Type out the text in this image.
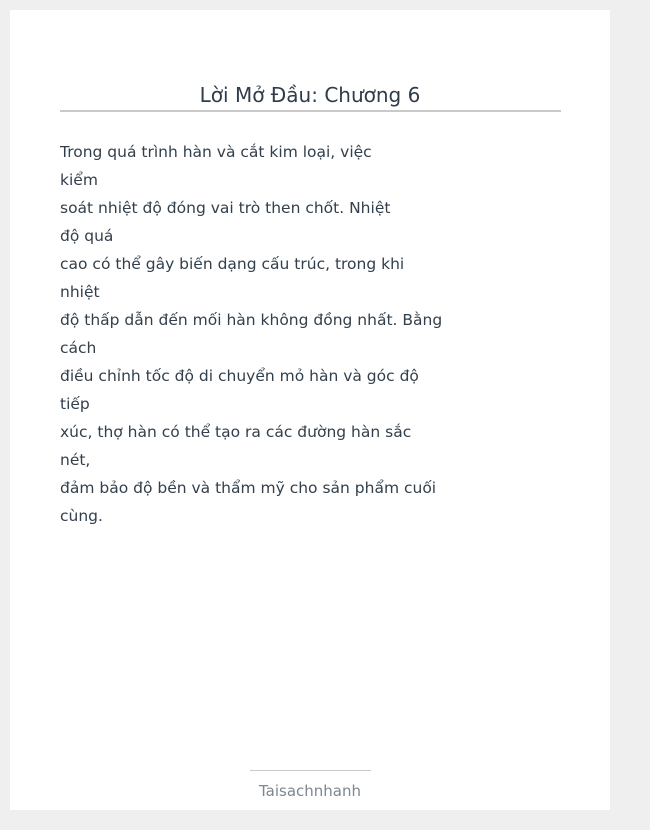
Lời Mở Đầu: Chương 6
Trong quá trình hàn và cắt kim loại, việc
kiểm
soát nhiệt độ đóng vai trò then chốt. Nhiệt
độ quá
cao có thể gây biến dạng cấu trúc, trong khi
nhiệt
độ thấp dẫn đến mối hàn không đồng nhất. Bằng
cách
điều chỉnh tốc độ di chuyển mỏ hàn và góc độ
tiếp
xúc, thợ hàn có thể tạo ra các đường hàn sắc
nét,
đảm bảo độ bền và thẩm mỹ cho sản phẩm cuối
cùng.
Taisachnhanh
